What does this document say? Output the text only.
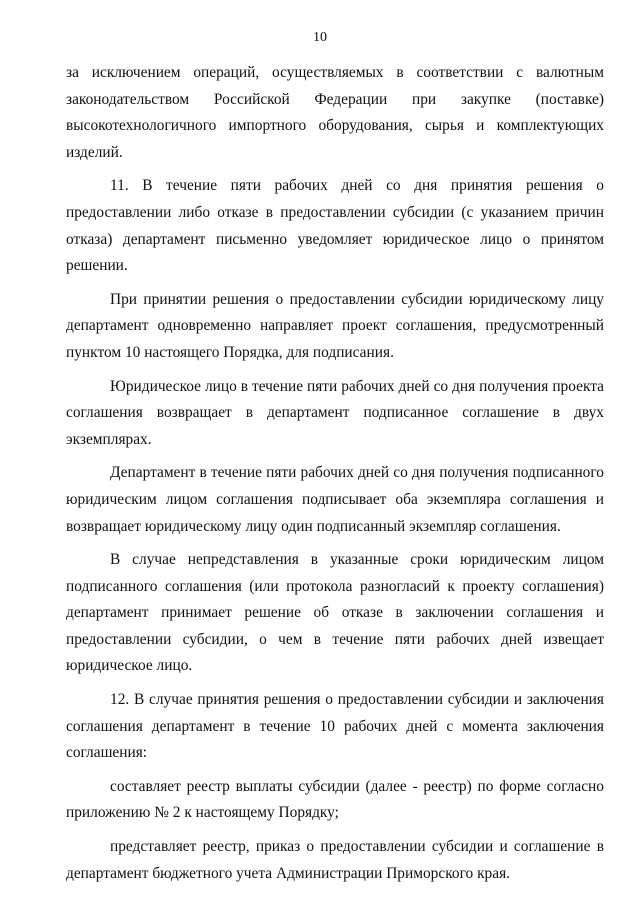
10

за исключением операций, осуществляемых в соответствии с валютным законодательством Российской Федерации при закупке (поставке) высокотехнологичного импортного оборудования, сырья и комплектующих изделий.

11. В течение пяти рабочих дней со дня принятия решения о предоставлении либо отказе в предоставлении субсидии (с указанием причин отказа) департамент письменно уведомляет юридическое лицо о принятом решении.

При принятии решения о предоставлении субсидии юридическому лицу департамент одновременно направляет проект соглашения, предусмотренный пунктом 10 настоящего Порядка, для подписания.

Юридическое лицо в течение пяти рабочих дней со дня получения проекта соглашения возвращает в департамент подписанное соглашение в двух экземплярах.

Департамент в течение пяти рабочих дней со дня получения подписанного юридическим лицом соглашения подписывает оба экземпляра соглашения и возвращает юридическому лицу один подписанный экземпляр соглашения.

В случае непредставления в указанные сроки юридическим лицом подписанного соглашения (или протокола разногласий к проекту соглашения) департамент принимает решение об отказе в заключении соглашения и предоставлении субсидии, о чем в течение пяти рабочих дней извещает юридическое лицо.

12. В случае принятия решения о предоставлении субсидии и заключения соглашения департамент в течение 10 рабочих дней с момента заключения соглашения:

составляет реестр выплаты субсидии (далее - реестр) по форме согласно приложению № 2 к настоящему Порядку;

представляет реестр, приказ о предоставлении субсидии и соглашение в департамент бюджетного учета Администрации Приморского края.
